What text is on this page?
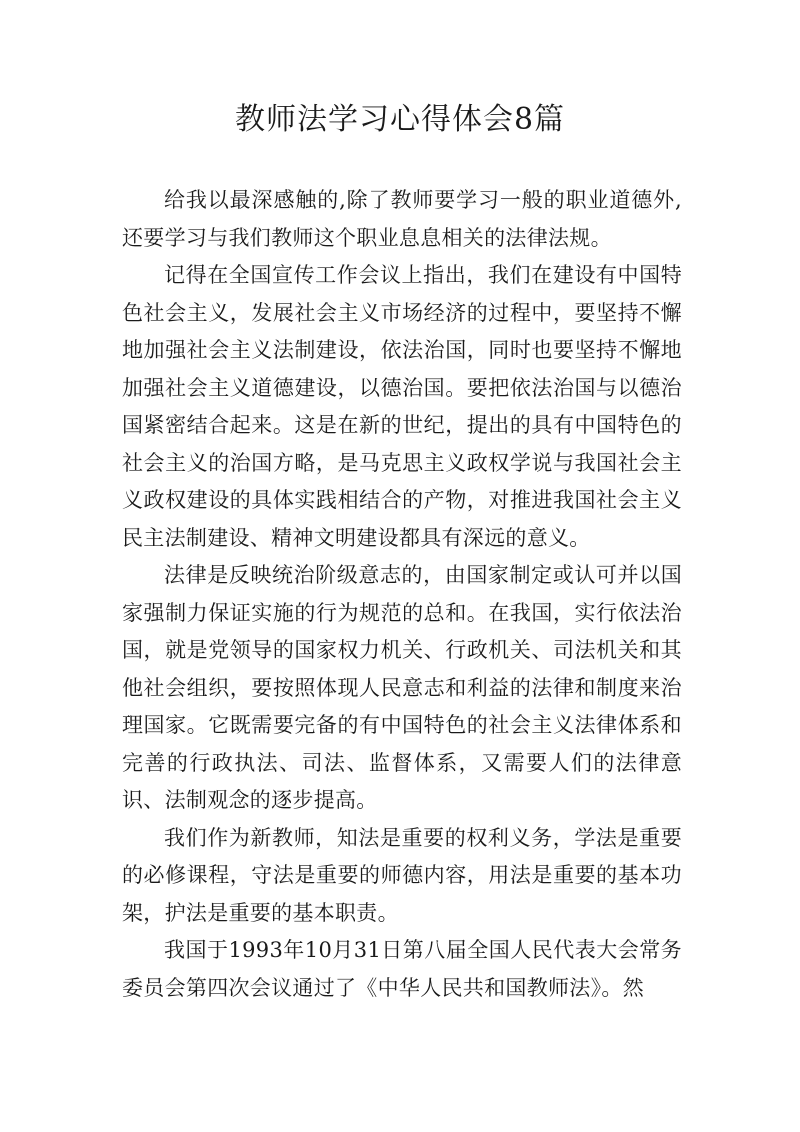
教师法学习心得体会8篇

给我以最深感触的,除了教师要学习一般的职业道德外,还要学习与我们教师这个职业息息相关的法律法规。

记得在全国宣传工作会议上指出，我们在建设有中国特色社会主义，发展社会主义市场经济的过程中，要坚持不懈地加强社会主义法制建设，依法治国，同时也要坚持不懈地加强社会主义道德建设，以德治国。要把依法治国与以德治国紧密结合起来。这是在新的世纪，提出的具有中国特色的社会主义的治国方略，是马克思主义政权学说与我国社会主义政权建设的具体实践相结合的产物，对推进我国社会主义民主法制建设、精神文明建设都具有深远的意义。

法律是反映统治阶级意志的，由国家制定或认可并以国家强制力保证实施的行为规范的总和。在我国，实行依法治国，就是党领导的国家权力机关、行政机关、司法机关和其他社会组织，要按照体现人民意志和利益的法律和制度来治理国家。它既需要完备的有中国特色的社会主义法律体系和完善的行政执法、司法、监督体系，又需要人们的法律意识、法制观念的逐步提高。

我们作为新教师，知法是重要的权利义务，学法是重要的必修课程，守法是重要的师德内容，用法是重要的基本功架，护法是重要的基本职责。

我国于1993年10月31日第八届全国人民代表大会常务委员会第四次会议通过了《中华人民共和国教师法》。然
